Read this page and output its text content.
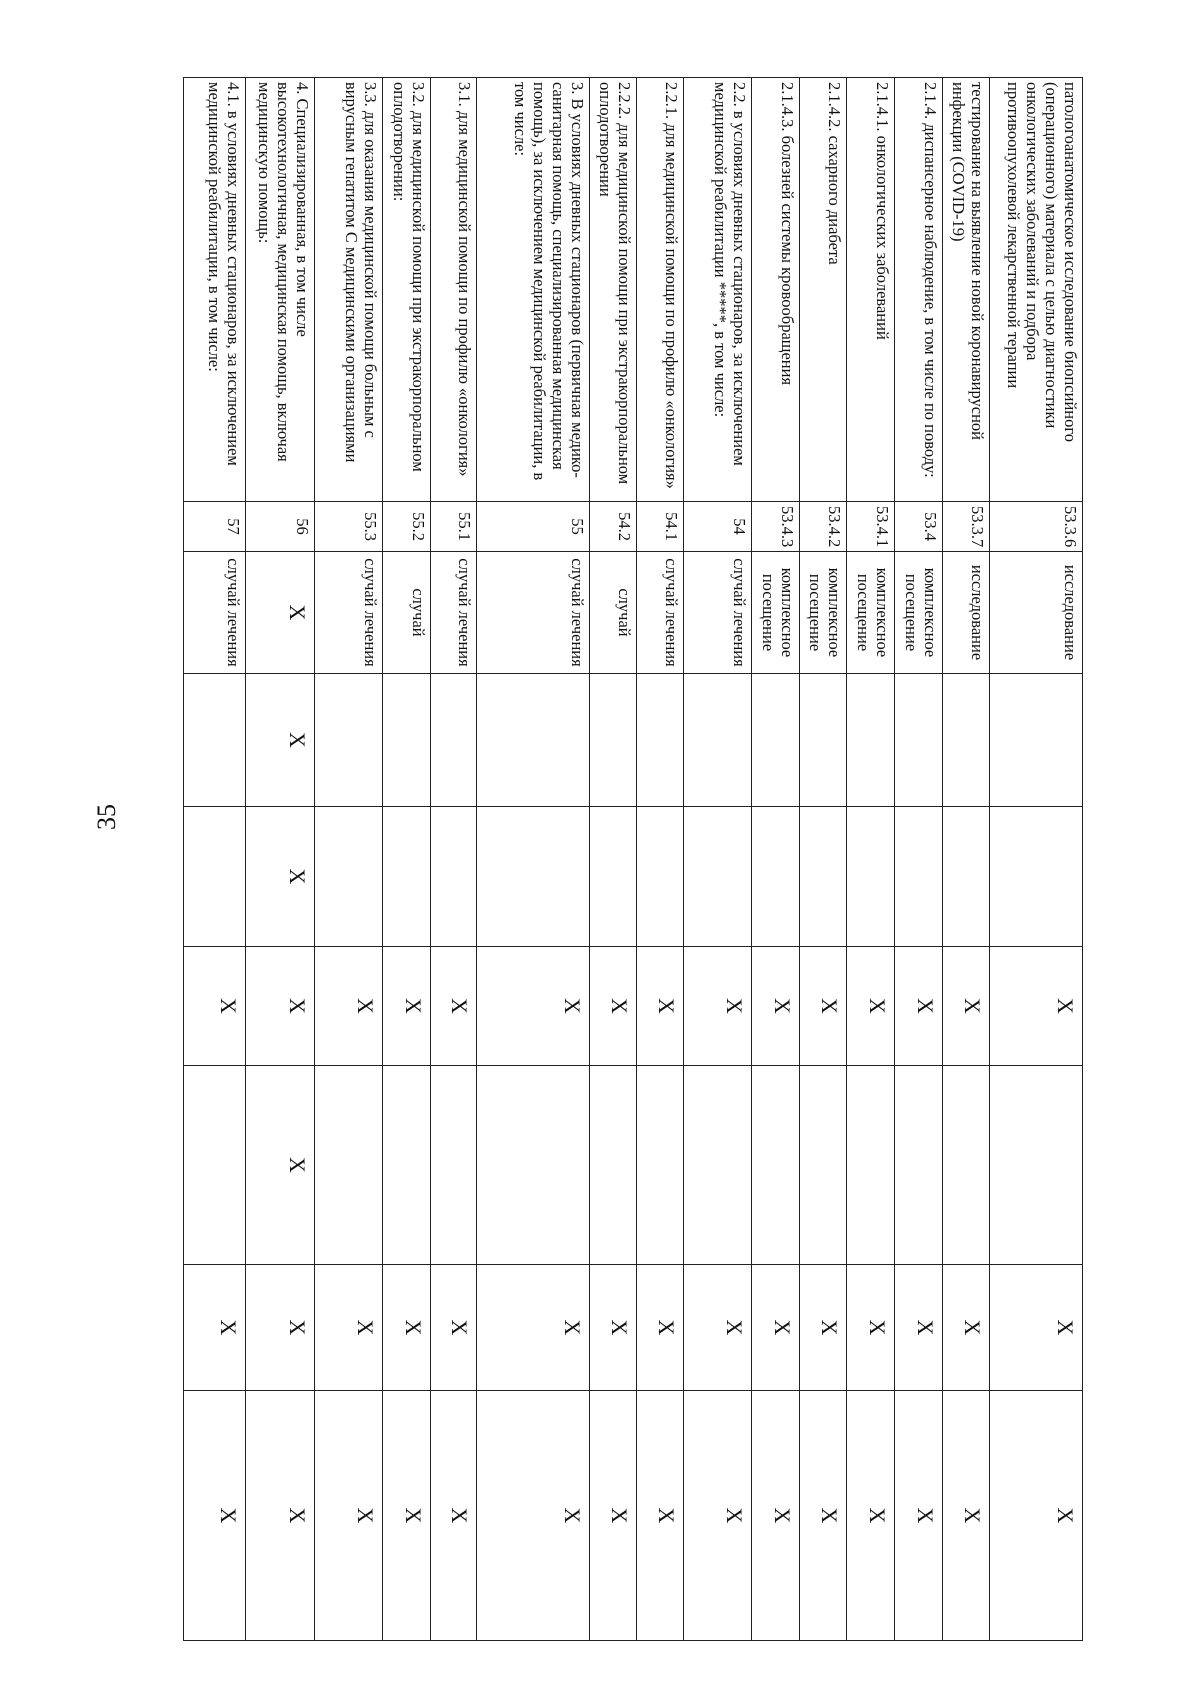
35
патологоанатомическое исследование биопсийного (операционного) материала с целью диагностики онкологических заболеваний и подбора противоопухолевой лекарственной терапии	53.3.6	исследование			Х		Х	Х
тестирование на выявление новой коронавирусной инфекции (COVID-19)	53.3.7	исследование			Х		Х	Х
2.1.4. диспансерное наблюдение, в том числе по поводу:	53.4	комплексное посещение			Х		Х	Х
2.1.4.1. онкологических заболеваний	53.4.1	комплексное посещение			Х		Х	Х
2.1.4.2. сахарного диабета	53.4.2	комплексное посещение			Х		Х	Х
2.1.4.3. болезней системы кровообращения	53.4.3	комплексное посещение			Х		Х	Х
2.2. в условиях дневных стационаров, за исключением медицинской реабилитации *****, в том числе:	54	случай лечения			Х		Х	Х
2.2.1. для медицинской помощи по профилю «онкология»	54.1	случай лечения			Х		Х	Х
2.2.2. для медицинской помощи при экстракорпоральном оплодотворении	54.2	случай			Х		Х	Х
3. В условиях дневных стационаров (первичная медико-санитарная помощь, специализированная медицинская помощь), за исключением медицинской реабилитации, в том числе:	55	случай лечения			Х		Х	Х
3.1. для медицинской помощи по профилю «онкология»	55.1	случай лечения			Х		Х	Х
3.2. для медицинской помощи при экстракорпоральном оплодотворении:	55.2	случай			Х		Х	Х
3.3. для оказания медицинской помощи больным с вирусным гепатитом С медицинскими организациями	55.3	случай лечения			Х		Х	Х
4. Специализированная, в том числе высокотехнологичная, медицинская помощь, включая медицинскую помощь:	56	Х	Х	Х	Х	Х	Х	Х
4.1. в условиях дневных стационаров, за исключением медицинской реабилитации, в том числе:	57	случай лечения			Х		Х	Х
